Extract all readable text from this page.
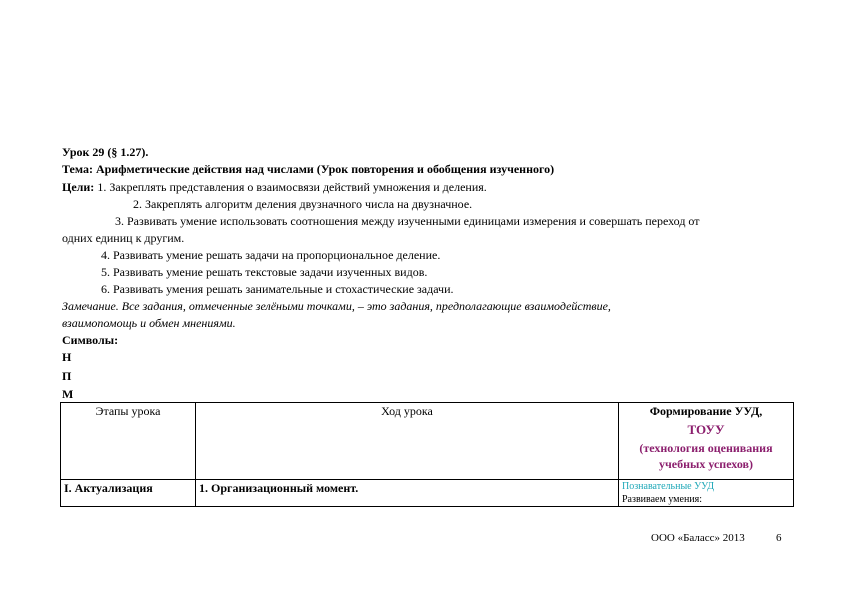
Урок 29 (§ 1.27).
Тема: Арифметические действия над числами (Урок повторения и обобщения изученного)
Цели: 1. Закреплять представления о взаимосвязи действий умножения и деления.
2. Закреплять алгоритм деления двузначного числа на двузначное.
3. Развивать умение использовать соотношения между изученными единицами измерения и совершать переход от
одних единиц к другим.
4. Развивать умение решать задачи на пропорциональное деление.
5. Развивать умение решать текстовые задачи изученных видов.
6. Развивать умения решать занимательные и стохастические задачи.
Замечание. Все задания, отмеченные зелёными точками, – это задания, предполагающие взаимодействие,
взаимопомощь и обмен мнениями.
Символы:
Н
П
М
Этапы урока	Ход урока	Формирование УУД,
ТОУУ
(технология оценивания учебных успехов)

I. Актуализация	1. Организационный момент.	Познавательные УУД
Развиваем умения:
ООО «Баласс» 2013	6
